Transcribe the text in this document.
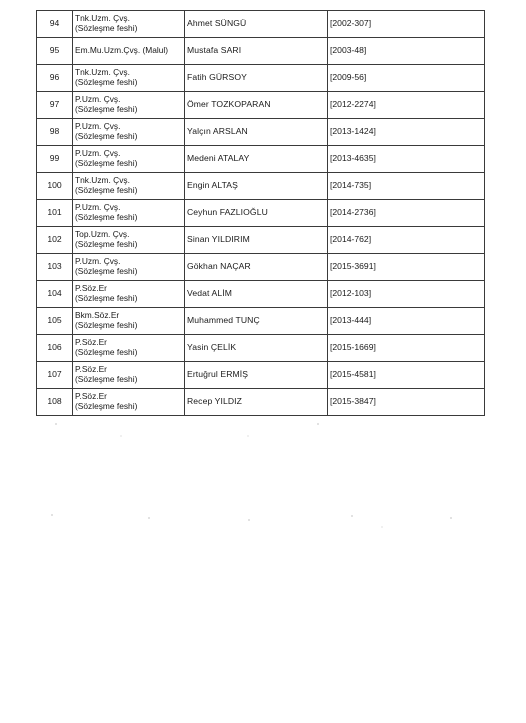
94	Tnk.Uzm. Çvş.
(Sözleşme feshi)	Ahmet SÜNGÜ	[2002-307]
95	Em.Mu.Uzm.Çvş. (Malul)	Mustafa SARI	[2003-48]
96	Tnk.Uzm. Çvş.
(Sözleşme feshi)	Fatih GÜRSOY	[2009-56]
97	P.Uzm. Çvş.
(Sözleşme feshi)	Ömer TOZKOPARAN	[2012-2274]
98	P.Uzm. Çvş.
(Sözleşme feshi)	Yalçın ARSLAN	[2013-1424]
99	P.Uzm. Çvş.
(Sözleşme feshi)	Medeni ATALAY	[2013-4635]
100	Tnk.Uzm. Çvş.
(Sözleşme feshi)	Engin ALTAŞ	[2014-735]
101	P.Uzm. Çvş.
(Sözleşme feshi)	Ceyhun FAZLIOĞLU	[2014-2736]
102	Top.Uzm. Çvş.
(Sözleşme feshi)	Sinan YILDIRIM	[2014-762]
103	P.Uzm. Çvş.
(Sözleşme feshi)	Gökhan NAÇAR	[2015-3691]
104	P.Söz.Er
(Sözleşme feshi)	Vedat ALİM	[2012-103]
105	Bkm.Söz.Er
(Sözleşme feshi)	Muhammed TUNÇ	[2013-444]
106	P.Söz.Er
(Sözleşme feshi)	Yasin ÇELİK	[2015-1669]
107	P.Söz.Er
(Sözleşme feshi)	Ertuğrul ERMİŞ	[2015-4581]
108	P.Söz.Er
(Sözleşme feshi)	Recep YILDIZ	[2015-3847]
